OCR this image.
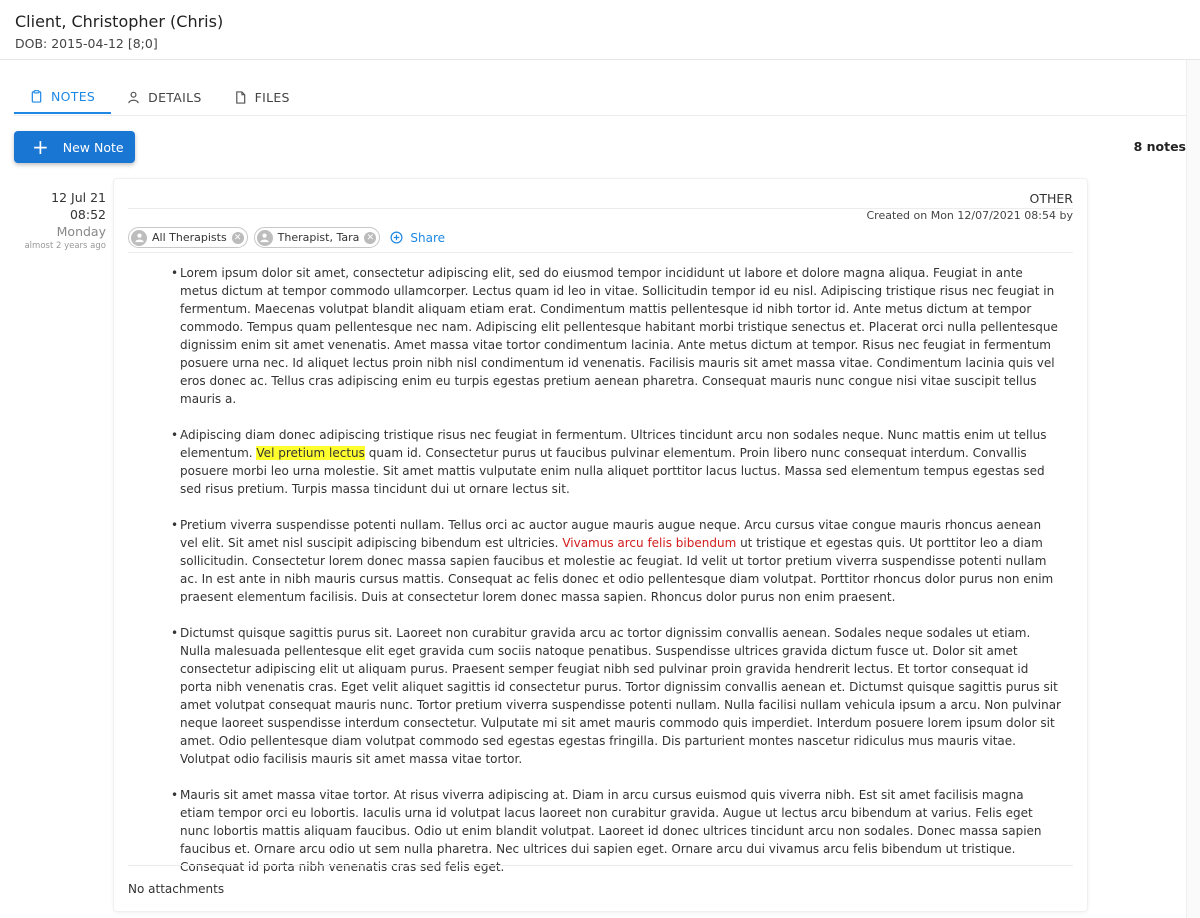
Client, Christopher (Chris)
DOB: 2015-04-12 [8;0]
NOTES	DETAILS	FILES
+ New Note	8 notes
12 Jul 21
08:52
Monday
almost 2 years ago
OTHER
Created on Mon 12/07/2021 08:54 by
All Therapists ✕	Therapist, Tara ✕	Share
• Lorem ipsum dolor sit amet, consectetur adipiscing elit, sed do eiusmod tempor incididunt ut labore et dolore magna aliqua. Feugiat in ante metus dictum at tempor commodo ullamcorper. Lectus quam id leo in vitae. Sollicitudin tempor id eu nisl. Adipiscing tristique risus nec feugiat in fermentum. Maecenas volutpat blandit aliquam etiam erat. Condimentum mattis pellentesque id nibh tortor id. Ante metus dictum at tempor commodo. Tempus quam pellentesque nec nam. Adipiscing elit pellentesque habitant morbi tristique senectus et. Placerat orci nulla pellentesque dignissim enim sit amet venenatis. Amet massa vitae tortor condimentum lacinia. Ante metus dictum at tempor. Risus nec feugiat in fermentum posuere urna nec. Id aliquet lectus proin nibh nisl condimentum id venenatis. Facilisis mauris sit amet massa vitae. Condimentum lacinia quis vel eros donec ac. Tellus cras adipiscing enim eu turpis egestas pretium aenean pharetra. Consequat mauris nunc congue nisi vitae suscipit tellus mauris a.
• Adipiscing diam donec adipiscing tristique risus nec feugiat in fermentum. Ultrices tincidunt arcu non sodales neque. Nunc mattis enim ut tellus elementum. Vel pretium lectus quam id. Consectetur purus ut faucibus pulvinar elementum. Proin libero nunc consequat interdum. Convallis posuere morbi leo urna molestie. Sit amet mattis vulputate enim nulla aliquet porttitor lacus luctus. Massa sed elementum tempus egestas sed sed risus pretium. Turpis massa tincidunt dui ut ornare lectus sit.
• Pretium viverra suspendisse potenti nullam. Tellus orci ac auctor augue mauris augue neque. Arcu cursus vitae congue mauris rhoncus aenean vel elit. Sit amet nisl suscipit adipiscing bibendum est ultricies. Vivamus arcu felis bibendum ut tristique et egestas quis. Ut porttitor leo a diam sollicitudin. Consectetur lorem donec massa sapien faucibus et molestie ac feugiat. Id velit ut tortor pretium viverra suspendisse potenti nullam ac. In est ante in nibh mauris cursus mattis. Consequat ac felis donec et odio pellentesque diam volutpat. Porttitor rhoncus dolor purus non enim praesent elementum facilisis. Duis at consectetur lorem donec massa sapien. Rhoncus dolor purus non enim praesent.
• Dictumst quisque sagittis purus sit. Laoreet non curabitur gravida arcu ac tortor dignissim convallis aenean. Sodales neque sodales ut etiam. Nulla malesuada pellentesque elit eget gravida cum sociis natoque penatibus. Suspendisse ultrices gravida dictum fusce ut. Dolor sit amet consectetur adipiscing elit ut aliquam purus. Praesent semper feugiat nibh sed pulvinar proin gravida hendrerit lectus. Et tortor consequat id porta nibh venenatis cras. Eget velit aliquet sagittis id consectetur purus. Tortor dignissim convallis aenean et. Dictumst quisque sagittis purus sit amet volutpat consequat mauris nunc. Tortor pretium viverra suspendisse potenti nullam. Nulla facilisi nullam vehicula ipsum a arcu. Non pulvinar neque laoreet suspendisse interdum consectetur. Vulputate mi sit amet mauris commodo quis imperdiet. Interdum posuere lorem ipsum dolor sit amet. Odio pellentesque diam volutpat commodo sed egestas egestas fringilla. Dis parturient montes nascetur ridiculus mus mauris vitae. Volutpat odio facilisis mauris sit amet massa vitae tortor.
• Mauris sit amet massa vitae tortor. At risus viverra adipiscing at. Diam in arcu cursus euismod quis viverra nibh. Est sit amet facilisis magna etiam tempor orci eu lobortis. Iaculis urna id volutpat lacus laoreet non curabitur gravida. Augue ut lectus arcu bibendum at varius. Felis eget nunc lobortis mattis aliquam faucibus. Odio ut enim blandit volutpat. Laoreet id donec ultrices tincidunt arcu non sodales. Donec massa sapien faucibus et. Ornare arcu odio ut sem nulla pharetra. Nec ultrices dui sapien eget. Ornare arcu dui vivamus arcu felis bibendum ut tristique. Consequat id porta nibh venenatis cras sed felis eget.
No attachments
